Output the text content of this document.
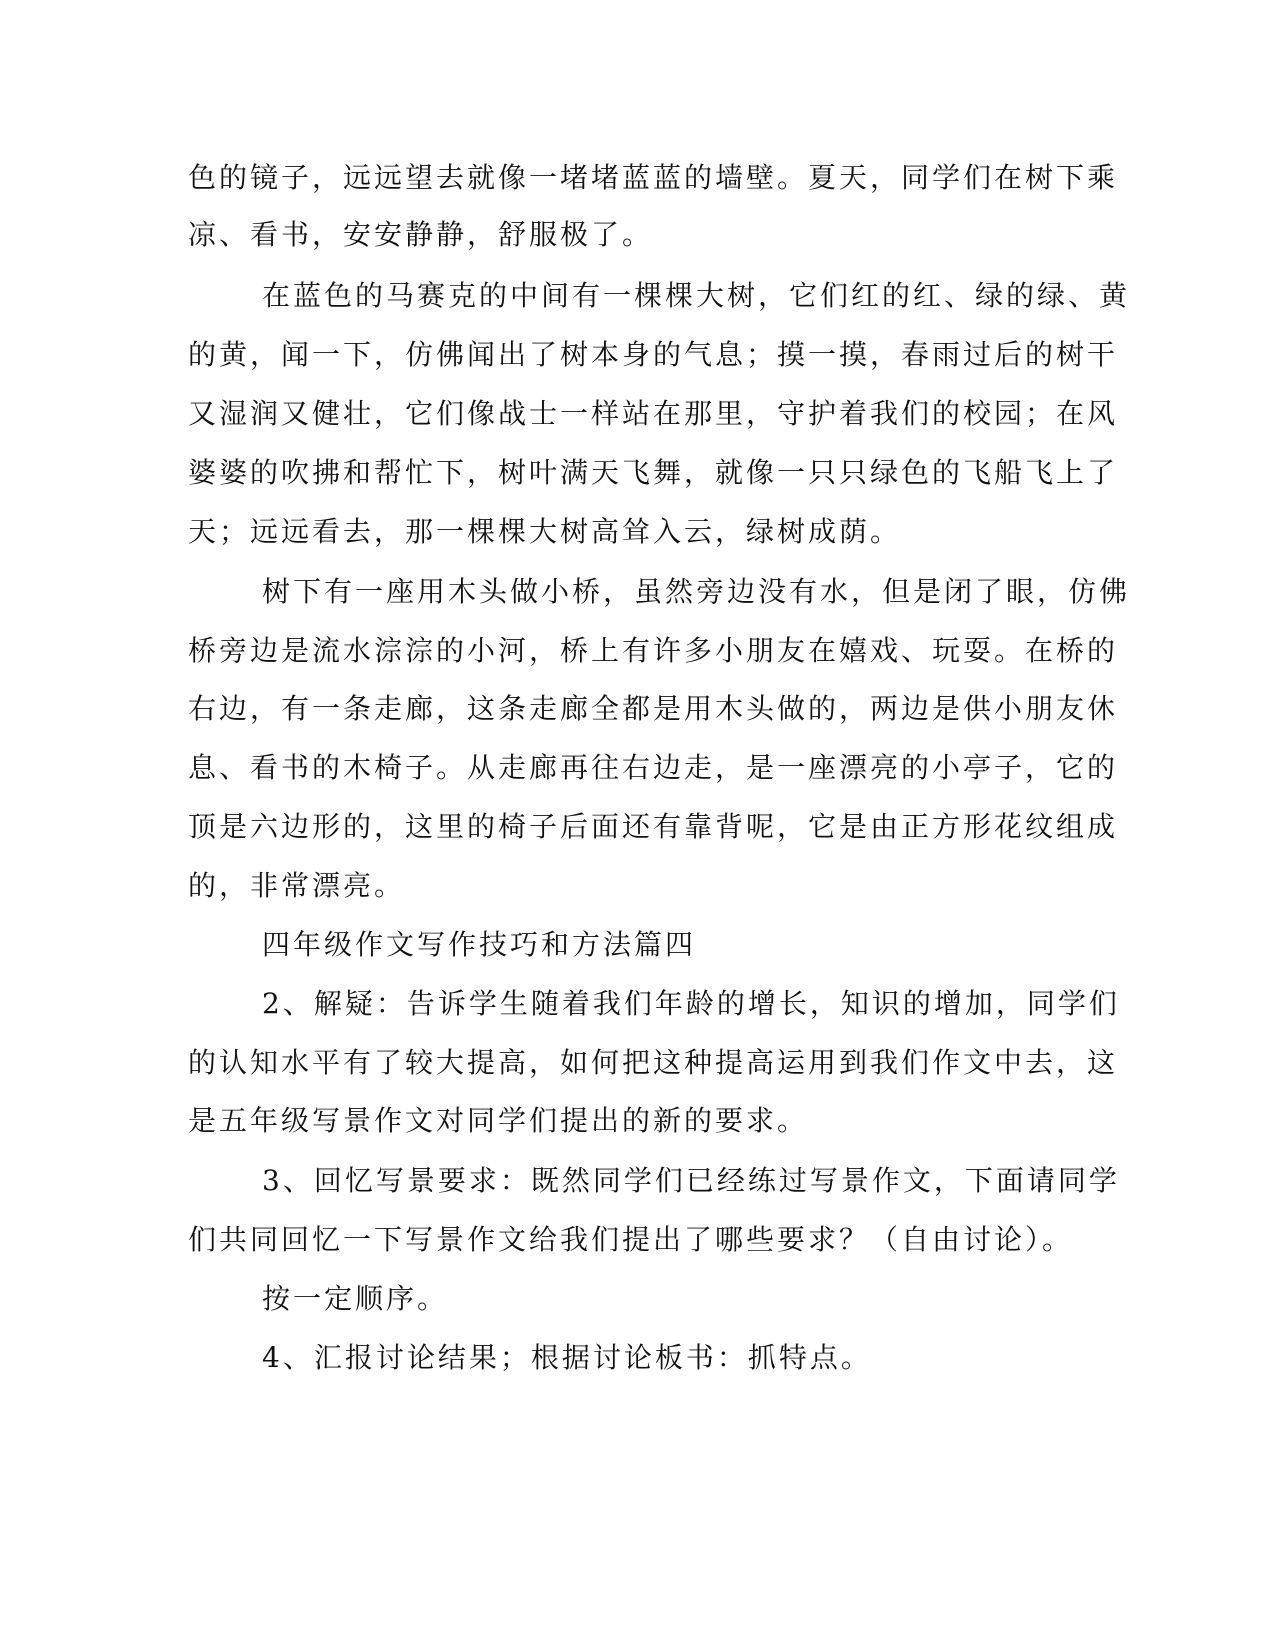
色的镜子，远远望去就像一堵堵蓝蓝的墙壁。夏天，同学们在树下乘
凉、看书，安安静静，舒服极了。
在蓝色的马赛克的中间有一棵棵大树，它们红的红、绿的绿、黄
的黄，闻一下，仿佛闻出了树本身的气息；摸一摸，春雨过后的树干
又湿润又健壮，它们像战士一样站在那里，守护着我们的校园；在风
婆婆的吹拂和帮忙下，树叶满天飞舞，就像一只只绿色的飞船飞上了
天；远远看去，那一棵棵大树高耸入云，绿树成荫。
树下有一座用木头做小桥，虽然旁边没有水，但是闭了眼，仿佛
桥旁边是流水淙淙的小河，桥上有许多小朋友在嬉戏、玩耍。在桥的
右边，有一条走廊，这条走廊全都是用木头做的，两边是供小朋友休
息、看书的木椅子。从走廊再往右边走，是一座漂亮的小亭子，它的
顶是六边形的，这里的椅子后面还有靠背呢，它是由正方形花纹组成
的，非常漂亮。
四年级作文写作技巧和方法篇四
2、解疑：告诉学生随着我们年龄的增长，知识的增加，同学们
的认知水平有了较大提高，如何把这种提高运用到我们作文中去，这
是五年级写景作文对同学们提出的新的要求。
3、回忆写景要求：既然同学们已经练过写景作文，下面请同学
们共同回忆一下写景作文给我们提出了哪些要求？（自由讨论）。
按一定顺序。
4、汇报讨论结果；根据讨论板书：抓特点。
